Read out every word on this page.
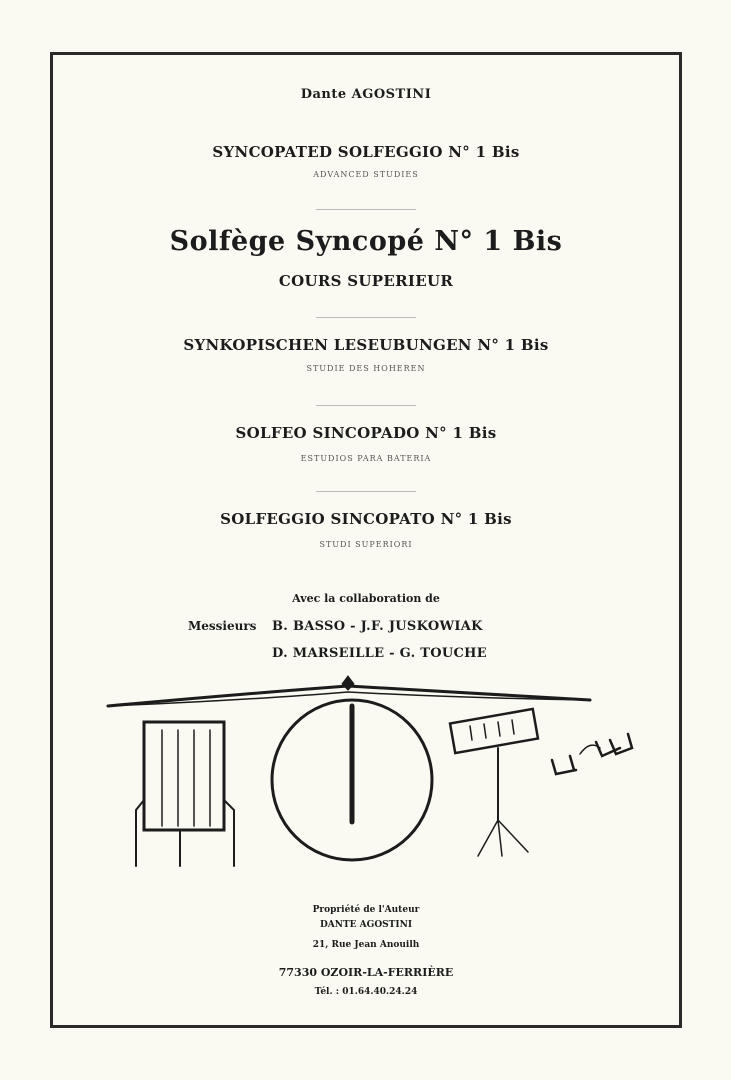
Dante AGOSTINI
SYNCOPATED SOLFEGGIO N° 1 Bis
ADVANCED STUDIES
Solfège Syncopé N° 1 Bis
COURS SUPERIEUR
SYNKOPISCHEN LESEUBUNGEN N° 1 Bis
STUDIE DES HOHEREN
SOLFEO SINCOPADO N° 1 Bis
ESTUDIOS PARA BATERIA
SOLFEGGIO SINCOPATO N° 1 Bis
STUDI SUPERIORI
Avec la collaboration de
Messieurs B. BASSO - J.F. JUSKOWIAK
D. MARSEILLE - G. TOUCHE
Propriété de l'Auteur
DANTE AGOSTINI
21, Rue Jean Anouilh
77330 OZOIR-LA-FERRIÈRE
Tél. : 01.64.40.24.24
